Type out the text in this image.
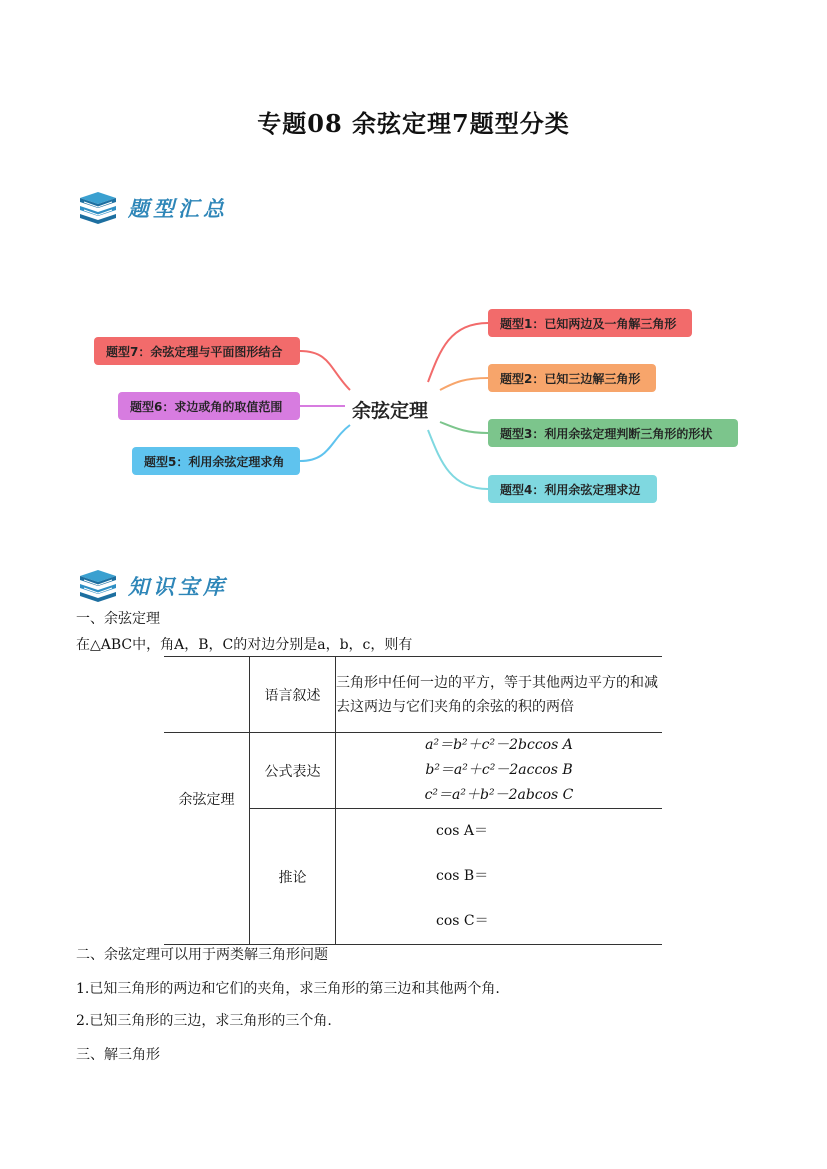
专题08 余弦定理7题型分类
题型汇总
余弦定理
题型7：余弦定理与平面图形结合
题型6：求边或角的取值范围
题型5：利用余弦定理求角
题型1：已知两边及一角解三角形
题型2：已知三边解三角形
题型3：利用余弦定理判断三角形的形状
题型4：利用余弦定理求边
知识宝库
一、余弦定理
在△ABC中，角A，B，C的对边分别是a，b，c，则有
	语言叙述	三角形中任何一边的平方，等于其他两边平方的和减去这两边与它们夹角的余弦的积的两倍
余弦定理	公式表达	a²＝b²＋c²－2bccos A
b²＝a²＋c²－2accos B
c²＝a²＋b²－2abcos C

	推论	cos A＝
cos B＝
cos C＝
二、余弦定理可以用于两类解三角形问题
1.已知三角形的两边和它们的夹角，求三角形的第三边和其他两个角.
2.已知三角形的三边，求三角形的三个角.
三、解三角形
